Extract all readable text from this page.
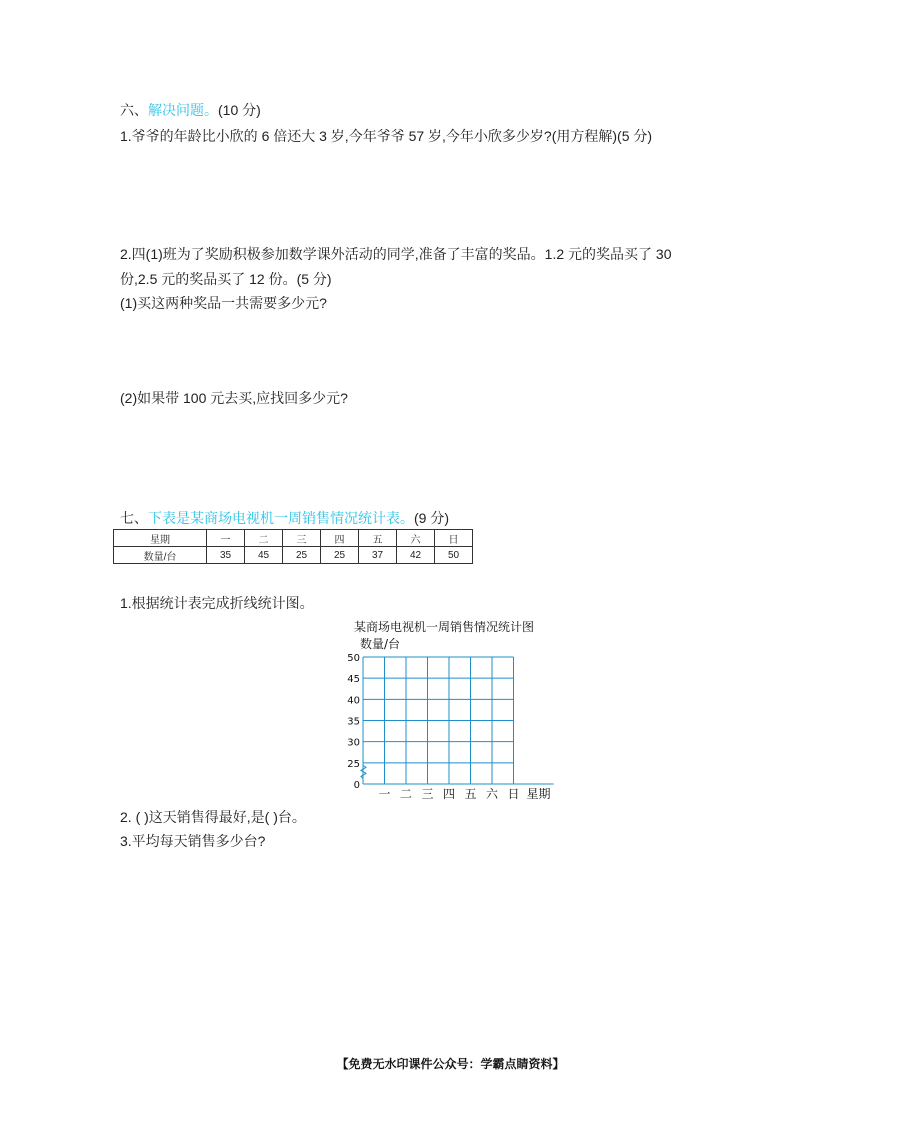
六、解决问题。(10 分)
1.爷爷的年龄比小欣的 6 倍还大 3 岁,今年爷爷 57 岁,今年小欣多少岁?(用方程解)(5 分)
2.四(1)班为了奖励积极参加数学课外活动的同学,准备了丰富的奖品。1.2 元的奖品买了 30
份,2.5 元的奖品买了 12 份。(5 分)
(1)买这两种奖品一共需要多少元?
(2)如果带 100 元去买,应找回多少元?
七、下表是某商场电视机一周销售情况统计表。(9 分)
星期	一	二	三	四	五	六	日
数量/台	35	45	25	25	37	42	50
1.根据统计表完成折线统计图。
某商场电视机一周销售情况统计图
数量/台
0
25
30
35
40
45
50
一 二 三 四 五 六 日 星期
2. ( )这天销售得最好,是( )台。
3.平均每天销售多少台?
【免费无水印课件公众号：学霸点睛资料】
